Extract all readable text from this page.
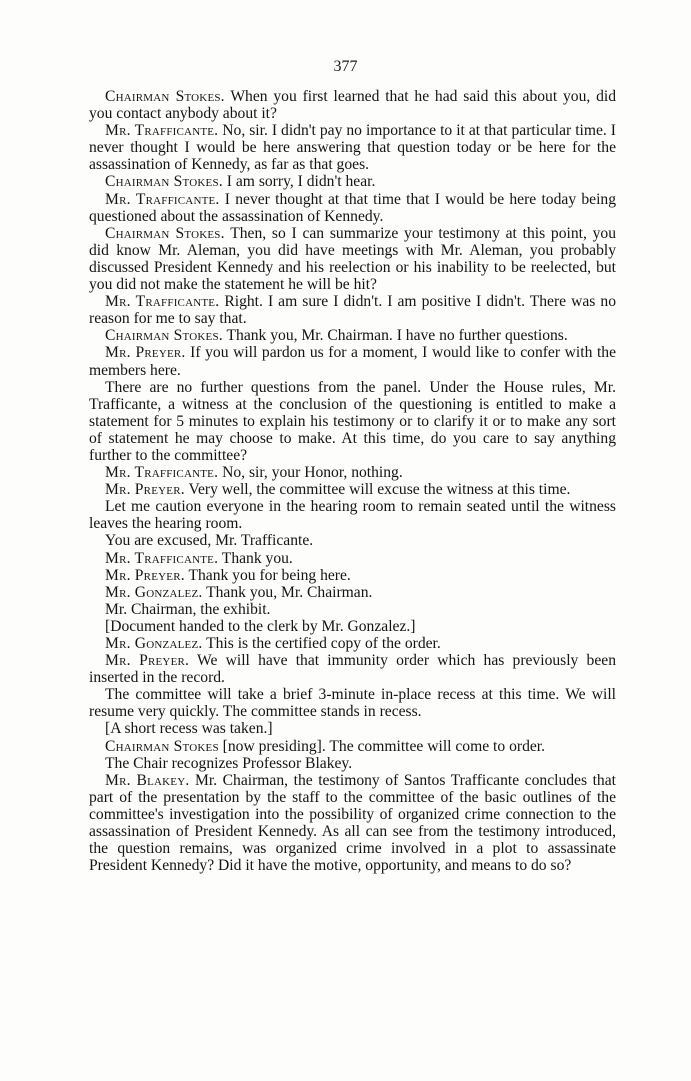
377

Chairman Stokes. When you first learned that he had said this about you, did you contact anybody about it?

Mr. Trafficante. No, sir. I didn't pay no importance to it at that particular time. I never thought I would be here answering that question today or be here for the assassination of Kennedy, as far as that goes.

Chairman Stokes. I am sorry, I didn't hear.

Mr. Trafficante. I never thought at that time that I would be here today being questioned about the assassination of Kennedy.

Chairman Stokes. Then, so I can summarize your testimony at this point, you did know Mr. Aleman, you did have meetings with Mr. Aleman, you probably discussed President Kennedy and his reelection or his inability to be reelected, but you did not make the statement he will be hit?

Mr. Trafficante. Right. I am sure I didn't. I am positive I didn't. There was no reason for me to say that.

Chairman Stokes. Thank you, Mr. Chairman. I have no further questions.

Mr. Preyer. If you will pardon us for a moment, I would like to confer with the members here.

There are no further questions from the panel. Under the House rules, Mr. Trafficante, a witness at the conclusion of the questioning is entitled to make a statement for 5 minutes to explain his testimony or to clarify it or to make any sort of statement he may choose to make. At this time, do you care to say anything further to the committee?

Mr. Trafficante. No, sir, your Honor, nothing.

Mr. Preyer. Very well, the committee will excuse the witness at this time.

Let me caution everyone in the hearing room to remain seated until the witness leaves the hearing room.

You are excused, Mr. Trafficante.

Mr. Trafficante. Thank you.

Mr. Preyer. Thank you for being here.

Mr. Gonzalez. Thank you, Mr. Chairman.

Mr. Chairman, the exhibit.

[Document handed to the clerk by Mr. Gonzalez.]

Mr. Gonzalez. This is the certified copy of the order.

Mr. Preyer. We will have that immunity order which has previously been inserted in the record.

The committee will take a brief 3-minute in-place recess at this time. We will resume very quickly. The committee stands in recess.

[A short recess was taken.]

Chairman Stokes [now presiding]. The committee will come to order.

The Chair recognizes Professor Blakey.

Mr. Blakey. Mr. Chairman, the testimony of Santos Trafficante concludes that part of the presentation by the staff to the committee of the basic outlines of the committee's investigation into the possibility of organized crime connection to the assassination of President Kennedy. As all can see from the testimony introduced, the question remains, was organized crime involved in a plot to assassinate President Kennedy? Did it have the motive, opportunity, and means to do so?
